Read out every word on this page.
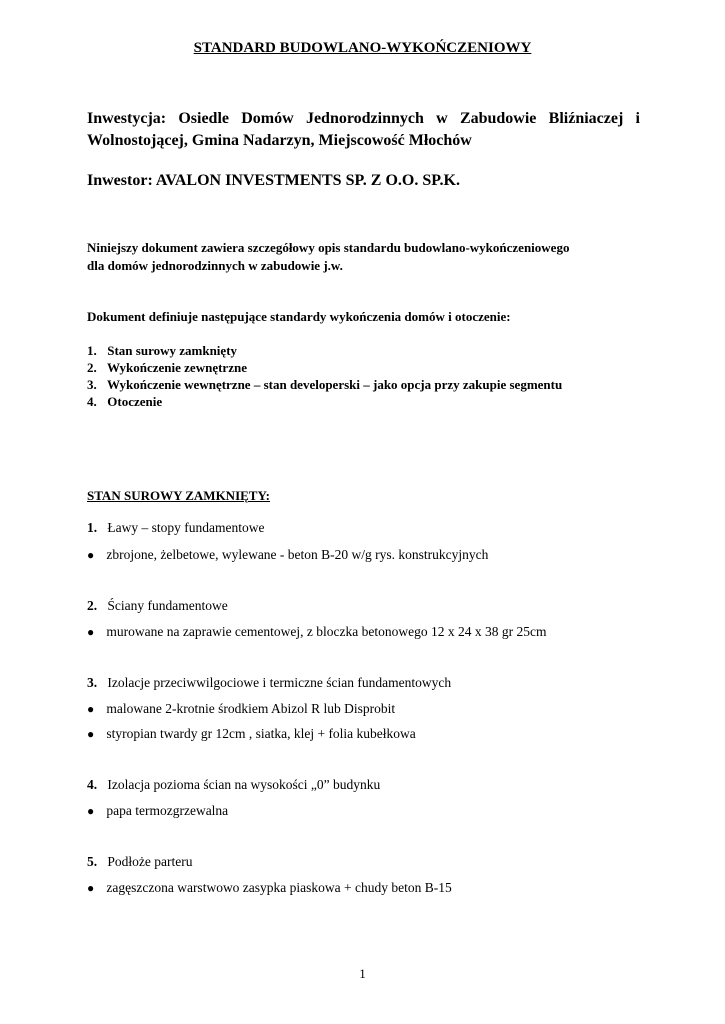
STANDARD BUDOWLANO-WYKOŃCZENIOWY
Inwestycja: Osiedle Domów Jednorodzinnych w Zabudowie Bliźniaczej i
Wolnostojącej, Gmina Nadarzyn, Miejscowość Młochów
Inwestor: AVALON INVESTMENTS SP. Z O.O. SP.K.
Niniejszy dokument zawiera szczegółowy opis standardu budowlano-wykończeniowego
dla domów jednorodzinnych w zabudowie j.w.
Dokument definiuje następujące standardy wykończenia domów i otoczenie:
1. Stan surowy zamknięty
2. Wykończenie zewnętrzne
3. Wykończenie wewnętrzne – stan developerski – jako opcja przy zakupie segmentu
4. Otoczenie
STAN SUROWY ZAMKNIĘTY:
1. Ławy – stopy fundamentowe
● zbrojone, żelbetowe, wylewane - beton B-20 w/g rys. konstrukcyjnych
2. Ściany fundamentowe
● murowane na zaprawie cementowej, z bloczka betonowego 12 x 24 x 38 gr 25cm
3. Izolacje przeciwwilgociowe i termiczne ścian fundamentowych
● malowane 2-krotnie środkiem Abizol R lub Disprobit
● styropian twardy gr 12cm , siatka, klej + folia kubełkowa
4. Izolacja pozioma ścian na wysokości „0” budynku
● papa termozgrzewalna
5. Podłoże parteru
● zagęszczona warstwowo zasypka piaskowa + chudy beton B-15
1
